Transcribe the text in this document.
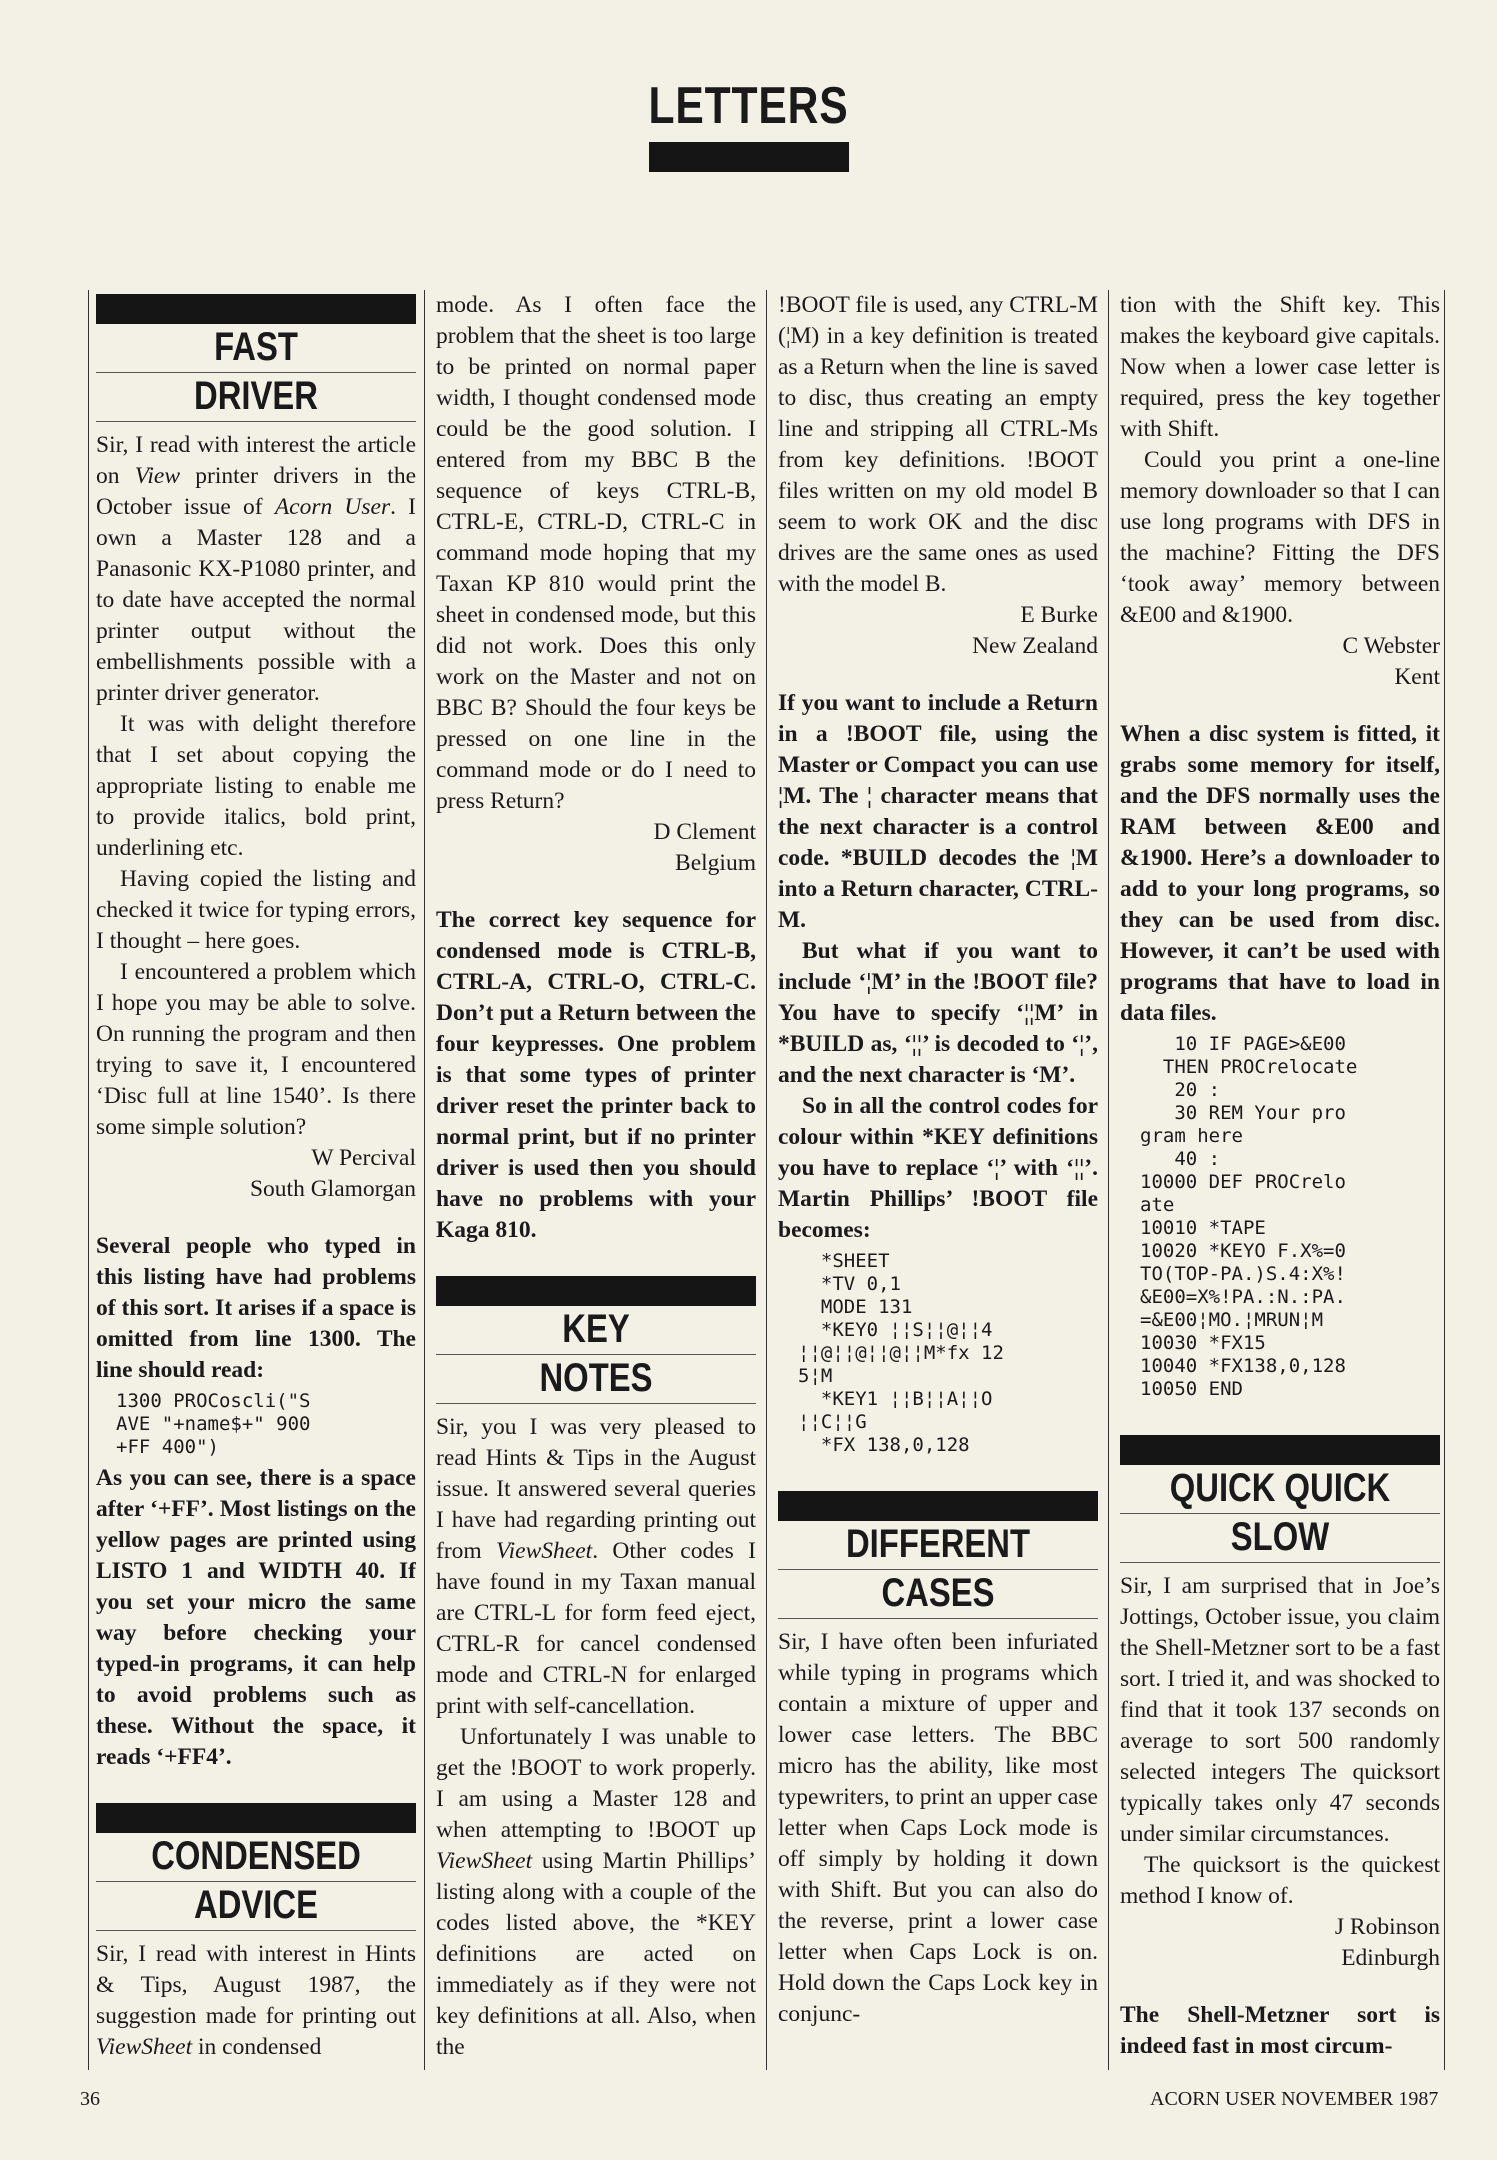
LETTERS
FAST
DRIVER

Sir, I read with interest the article on View printer drivers in the October issue of Acorn User. I own a Master 128 and a Panasonic KX-P1080 printer, and to date have accepted the normal printer output without the embellishments possible with a printer driver generator.

It was with delight therefore that I set about copying the appropriate listing to enable me to provide italics, bold print, underlining etc.

Having copied the listing and checked it twice for typing errors, I thought – here goes.

I encountered a problem which I hope you may be able to solve. On running the program and then trying to save it, I encountered ‘Disc full at line 1540’. Is there some simple solution?

W Percival

South Glamorgan

Several people who typed in this listing have had problems of this sort. It arises if a space is omitted from line 1300. The line should read:

1300 PROCoscli("S
AVE "+name$+" 900
+FF 400")

As you can see, there is a space after ‘+FF’. Most listings on the yellow pages are printed using LISTO 1 and WIDTH 40. If you set your micro the same way before checking your typed-in programs, it can help to avoid problems such as these. Without the space, it reads ‘+FF4’.

CONDENSED
ADVICE

Sir, I read with interest in Hints & Tips, August 1987, the suggestion made for printing out ViewSheet in condensed

mode. As I often face the problem that the sheet is too large to be printed on normal paper width, I thought condensed mode could be the good solution. I entered from my BBC B the sequence of keys CTRL-B, CTRL-E, CTRL-D, CTRL-C in command mode hoping that my Taxan KP 810 would print the sheet in condensed mode, but this did not work. Does this only work on the Master and not on BBC B? Should the four keys be pressed on one line in the command mode or do I need to press Return?

D Clement

Belgium

The correct key sequence for condensed mode is CTRL-B, CTRL-A, CTRL-O, CTRL-C. Don’t put a Return between the four keypresses. One problem is that some types of printer driver reset the printer back to normal print, but if no printer driver is used then you should have no problems with your Kaga 810.

KEY
NOTES

Sir, you I was very pleased to read Hints & Tips in the August issue. It answered several queries I have had regarding printing out from ViewSheet. Other codes I have found in my Taxan manual are CTRL-L for form feed eject, CTRL-R for cancel condensed mode and CTRL-N for enlarged print with self-cancellation.

Unfortunately I was unable to get the !BOOT to work properly. I am using a Master 128 and when attempting to !BOOT up ViewSheet using Martin Phillips’ listing along with a couple of the codes listed above, the *KEY definitions are acted on immediately as if they were not key definitions at all. Also, when the

!BOOT file is used, any CTRL-M (¦M) in a key definition is treated as a Return when the line is saved to disc, thus creating an empty line and stripping all CTRL-Ms from key definitions. !BOOT files written on my old model B seem to work OK and the disc drives are the same ones as used with the model B.

E Burke

New Zealand

If you want to include a Return in a !BOOT file, using the Master or Compact you can use ¦M. The ¦ character means that the next character is a control code. *BUILD decodes the ¦M into a Return character, CTRL-M.

But what if you want to include ‘¦M’ in the !BOOT file? You have to specify ‘¦¦M’ in *BUILD as, ‘¦¦’ is decoded to ‘¦’, and the next character is ‘M’.

So in all the control codes for colour within *KEY definitions you have to replace ‘¦’ with ‘¦¦’. Martin Phillips’ !BOOT file becomes:

*SHEET
*TV 0,1
MODE 131
*KEY0 ¦¦S¦¦@¦¦4
¦¦@¦¦@¦¦@¦¦M*fx 12
5¦M
*KEY1 ¦¦B¦¦A¦¦O
¦¦C¦¦G
*FX 138,0,128
DIFFERENT
CASES

Sir, I have often been infuriated while typing in programs which contain a mixture of upper and lower case letters. The BBC micro has the ability, like most typewriters, to print an upper case letter when Caps Lock mode is off simply by holding it down with Shift. But you can also do the reverse, print a lower case letter when Caps Lock is on. Hold down the Caps Lock key in conjunc-

tion with the Shift key. This makes the keyboard give capitals. Now when a lower case letter is required, press the key together with Shift.

Could you print a one-line memory downloader so that I can use long programs with DFS in the machine? Fitting the DFS ‘took away’ memory between &E00 and &1900.

C Webster

Kent

When a disc system is fitted, it grabs some memory for itself, and the DFS normally uses the RAM between &E00 and &1900. Here’s a downloader to add to your long programs, so they can be used from disc. However, it can’t be used with programs that have to load in data files.

10 IF PAGE>&E00
THEN PROCrelocate
20 :
30 REM Your pro
gram here
40 :
10000 DEF PROCrelo
ate
10010 *TAPE
10020 *KEYO F.X%=0
TO(TOP-PA.)S.4:X%!
&E00=X%!PA.:N.:PA.
=&E00¦MO.¦MRUN¦M
10030 *FX15
10040 *FX138,0,128
10050 END
QUICK QUICK
SLOW

Sir, I am surprised that in Joe’s Jottings, October issue, you claim the Shell-Metzner sort to be a fast sort. I tried it, and was shocked to find that it took 137 seconds on average to sort 500 randomly selected integers The quicksort typically takes only 47 seconds under similar circumstances.

The quicksort is the quickest method I know of.

J Robinson

Edinburgh

The Shell-Metzner sort is indeed fast in most circum-

36	ACORN USER NOVEMBER 1987
